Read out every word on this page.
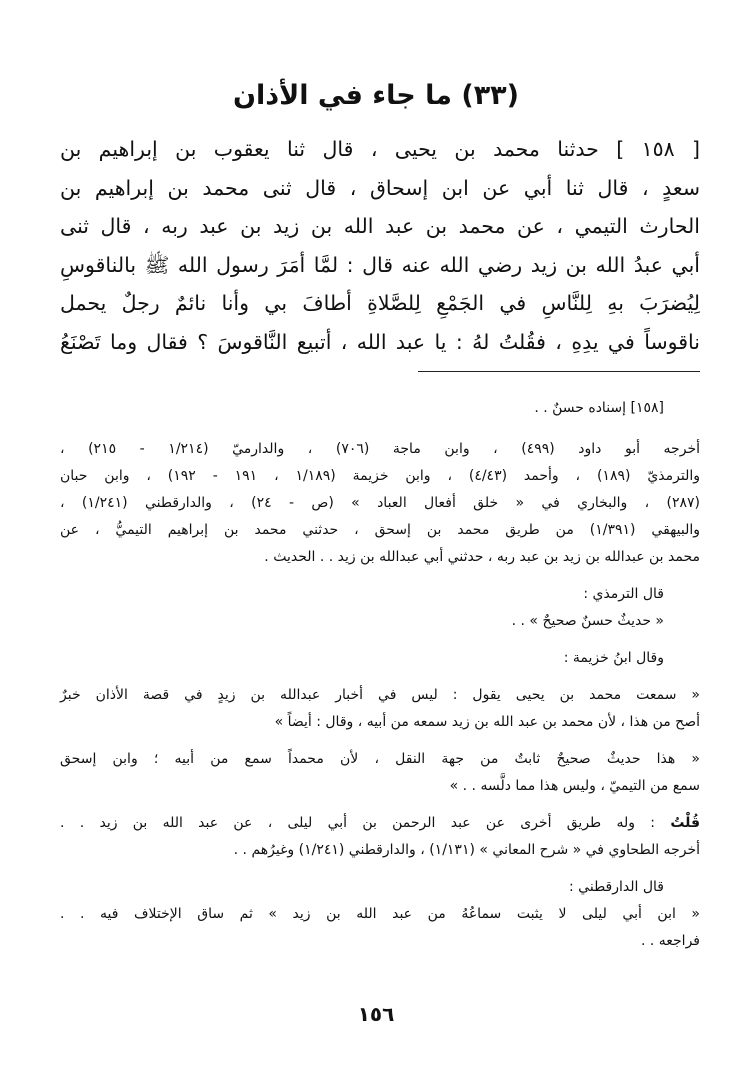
(٣٣) ما جاء في الأذان
[ ١٥٨ ] حدثنا محمد بن يحيى ، قال ثنا يعقوب بن إبراهيم بن
سعدٍ ، قال ثنا أبي عن ابن إسحاق ، قال ثنى محمد بن إبراهيم بن
الحارث التيمي ، عن محمد بن عبد الله بن زيد بن عبد ربه ، قال ثنى
أبي عبدُ الله بن زيد رضي الله عنه قال : لمَّا أمَرَ رسول الله ﷺ بالناقوسِ
لِيُضرَبَ بهِ لِلنَّاسِ في الجَمْعِ لِلصَّلاةِ أطافَ بي وأنا نائمٌ رجلٌ يحمل
ناقوساً في يدِهِ ، فقُلتُ لهُ : يا عبد الله ، أتبيع النَّاقوسَ ؟ فقال وما تَصْنَعُ
[١٥٨] إسناده حسنٌ . .
أخرجه أبو داود (٤٩٩) ، وابن ماجة (٧٠٦) ، والدارميّ (١/٢١٤ - ٢١٥) ،
والترمذيّ (١٨٩) ، وأحمد (٤/٤٣) ، وابن خزيمة (١/١٨٩ ، ١٩١ - ١٩٢) ، وابن حبان
(٢٨٧) ، والبخاري في « خلق أفعال العباد » (ص - ٢٤) ، والدارقطني (١/٢٤١) ،
والبيهقي (١/٣٩١) من طريق محمد بن إسحق ، حدثني محمد بن إبراهيم التيميُّ ، عن
محمد بن عبدالله بن زيد بن عبد ربه ، حدثني أبي عبدالله بن زيد . . الحديث .
قال الترمذي :
« حديثٌ حسنٌ صحيحٌ » . .
وقال ابنُ خزيمة :
« سمعت محمد بن يحيى يقول : ليس في أخبار عبدالله بن زيدٍ في قصة الأذان خبرٌ
أصح من هذا ، لأن محمد بن عبد الله بن زيد سمعه من أبيه ، وقال : أيضاً »
« هذا حديثٌ صحيحٌ ثابتٌ من جهة النقل ، لأن محمداً سمع من أبيه ؛ وابن إسحق
سمع من التيميّ ، وليس هذا مما دلَّسه . . »
قُلْتُ : وله طريق أخرى عن عبد الرحمن بن أبي ليلى ، عن عبد الله بن زيد . .
أخرجه الطحاوي في « شرح المعاني » (١/١٣١) ، والدارقطني (١/٢٤١) وغيرُهم . .
قال الدارقطني :
« ابن أبي ليلى لا يثبت سماعُهُ من عبد الله بن زيد » ثم ساق الإختلاف فيه . .
فراجعه . .
١٥٦
